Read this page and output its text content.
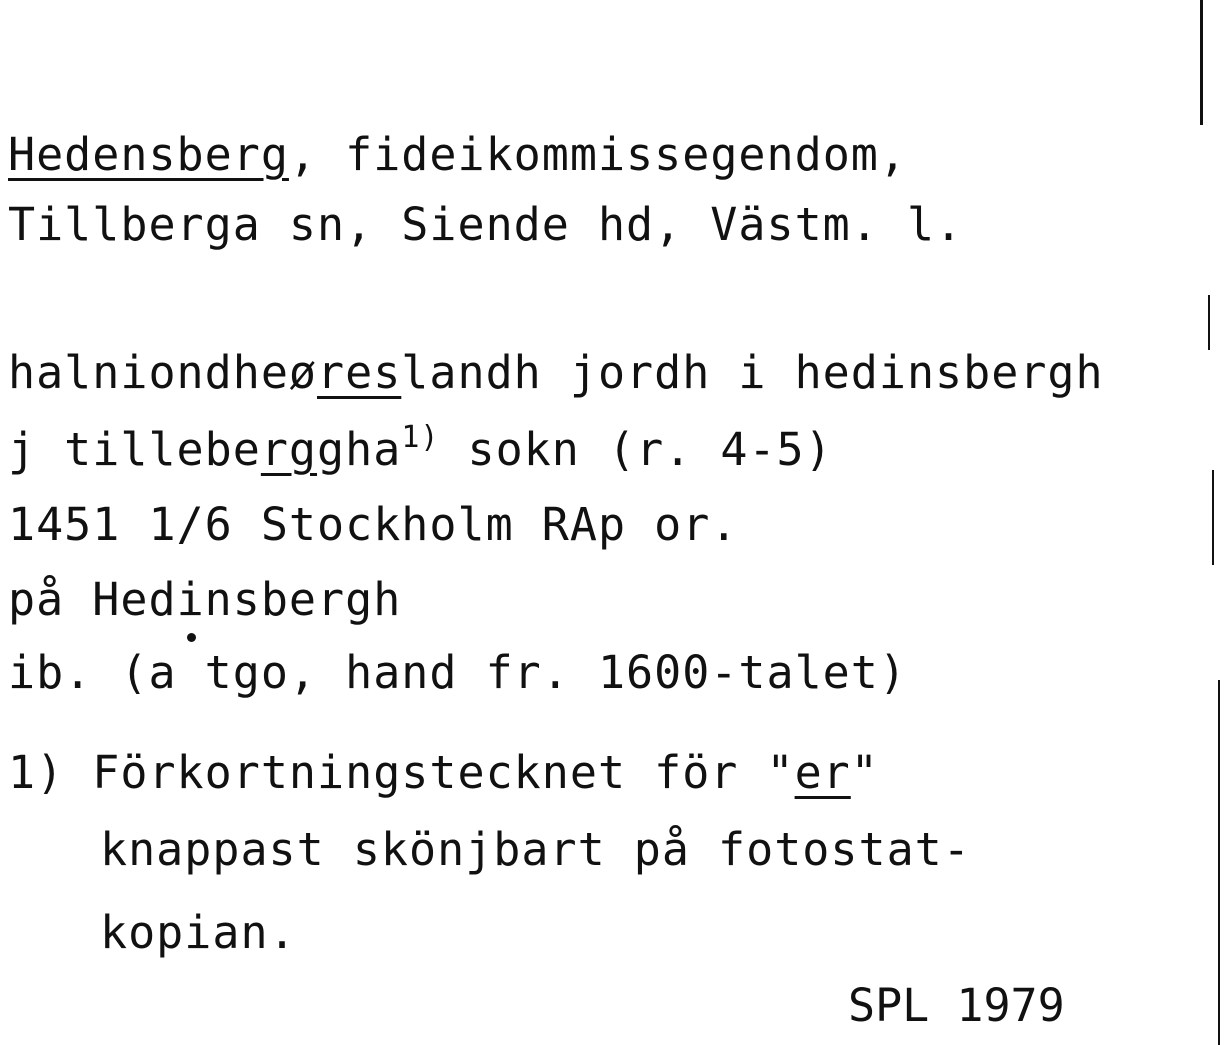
Hedensberg, fideikommissegendom,
Tillberga sn, Siende hd, Västm. l.
halniondheøreslandh jordh i hedinsbergh
j tilleberggha$^{1)}$ sokn (r. 4-5)
1451 1/6 Stockholm RAp or.
på Hedinsbergh
ib. (a tgo, hand fr. 1600-talet)
1) Förkortningstecknet för "er"
knappast skönjbart på fotostat-
kopian.
SPL 1979
